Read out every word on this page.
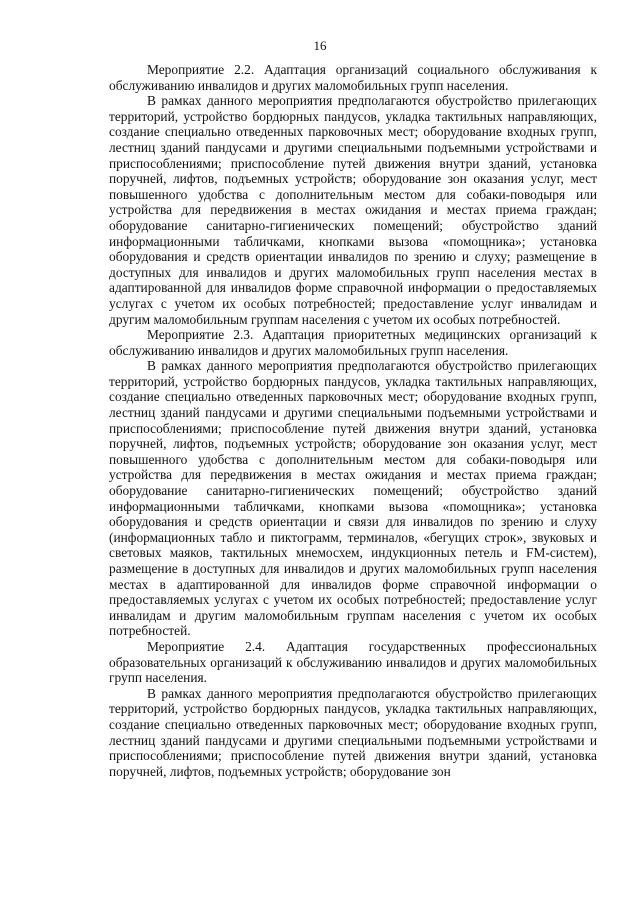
16

Мероприятие 2.2. Адаптация организаций социального обслуживания к обслуживанию инвалидов и других маломобильных групп населения.

В рамках данного мероприятия предполагаются обустройство прилегающих территорий, устройство бордюрных пандусов, укладка тактильных направляющих, создание специально отведенных парковочных мест; оборудование входных групп, лестниц зданий пандусами и другими специальными подъемными устройствами и приспособлениями; приспособление путей движения внутри зданий, установка поручней, лифтов, подъемных устройств; оборудование зон оказания услуг, мест повышенного удобства с дополнительным местом для собаки-поводыря или устройства для передвижения в местах ожидания и местах приема граждан; оборудование санитарно-гигиенических помещений; обустройство зданий информационными табличками, кнопками вызова «помощника»; установка оборудования и средств ориентации инвалидов по зрению и слуху; размещение в доступных для инвалидов и других маломобильных групп населения местах в адаптированной для инвалидов форме справочной информации о предоставляемых услугах с учетом их особых потребностей; предоставление услуг инвалидам и другим маломобильным группам населения с учетом их особых потребностей.

Мероприятие 2.3. Адаптация приоритетных медицинских организаций к обслуживанию инвалидов и других маломобильных групп населения.

В рамках данного мероприятия предполагаются обустройство прилегающих территорий, устройство бордюрных пандусов, укладка тактильных направляющих, создание специально отведенных парковочных мест; оборудование входных групп, лестниц зданий пандусами и другими специальными подъемными устройствами и приспособлениями; приспособление путей движения внутри зданий, установка поручней, лифтов, подъемных устройств; оборудование зон оказания услуг, мест повышенного удобства с дополнительным местом для собаки-поводыря или устройства для передвижения в местах ожидания и местах приема граждан; оборудование санитарно-гигиенических помещений; обустройство зданий информационными табличками, кнопками вызова «помощника»; установка оборудования и средств ориентации и связи для инвалидов по зрению и слуху (информационных табло и пиктограмм, терминалов, «бегущих строк», звуковых и световых маяков, тактильных мнемосхем, индукционных петель и FM-систем), размещение в доступных для инвалидов и других маломобильных групп населения местах в адаптированной для инвалидов форме справочной информации о предоставляемых услугах с учетом их особых потребностей; предоставление услуг инвалидам и другим маломобильным группам населения с учетом их особых потребностей.

Мероприятие 2.4. Адаптация государственных профессиональных образовательных организаций к обслуживанию инвалидов и других маломобильных групп населения.

В рамках данного мероприятия предполагаются обустройство прилегающих территорий, устройство бордюрных пандусов, укладка тактильных направляющих, создание специально отведенных парковочных мест; оборудование входных групп, лестниц зданий пандусами и другими специальными подъемными устройствами и приспособлениями; приспособление путей движения внутри зданий, установка поручней, лифтов, подъемных устройств; оборудование зон
